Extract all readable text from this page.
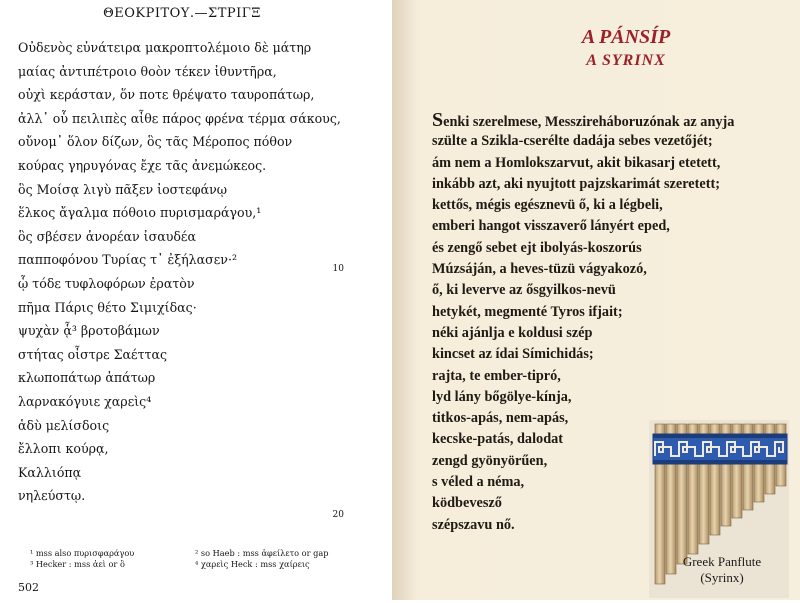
ΘΕΟΚΡΙΤΟΥ.—ΣΤΡΙΓΞ
Οὐδενὸς εὐνάτειρα μακροπτολέμοιο δὲ μάτηρ
μαίας ἀντιπέτροιο θοὸν τέκεν ἰθυντῆρα,
οὐχὶ κεράσταν, ὅν ποτε θρέψατο ταυροπάτωρ,
ἀλλ᾽ οὗ πειλιπὲς αἶθε πάρος φρένα τέρμα σάκους,
οὔνομ᾽ ὅλον δίζων, ὃς τᾶς Μέροπος πόθον
κούρας γηρυγόνας ἔχε τᾶς ἀνεμώκεος.
ὃς Μοίσᾳ λιγὺ πᾶξεν ἰοστεφάνῳ
ἕλκος ἄγαλμα πόθοιο πυρισμαράγου,¹
ὃς σβέσεν ἀνορέαν ἰσαυδέα
παπποφόνου Τυρίας τ᾽ ἐξήλασεν·²
ᾧ τόδε τυφλοφόρων ἐρατὸν
πῆμα Πάρις θέτο Σιμιχίδας·
ψυχὰν ᾇ³ βροτοβάμων
στήτας οἶστρε Σαέττας
κλωποπάτωρ ἀπάτωρ
λαρνακόγυιε χαρεὶς⁴
ἁδὺ μελίσδοις
ἔλλοπι κούρᾳ,
Καλλιόπᾳ
νηλεύστῳ.
10
20
¹ mss also πυρισφαράγου	² so Haeb : mss ἀφείλετο or gap
³ Hecker : mss ἀεὶ or ὃ	⁴ χαρεὶς Heck : mss χαίρεις
502
A PÁNSÍP
A SYRINX
Senki szerelmese, Messzireháboruzónak az anyja
szülte a Szikla-cserélte dadája sebes vezetőjét;
ám nem a Homlokszarvut, akit bikasarj etetett,
inkább azt, aki nyujtott pajzskarimát szeretett;
kettős, mégis egésznevü ő, ki a légbeli,
emberi hangot visszaverő lányért eped,
és zengő sebet ejt ibolyás-koszorús
Múzsáján, a heves-tüzü vágyakozó,
ő, ki leverve az ősgyilkos-nevü
hetykét, megmenté Tyros ifjait;
néki ajánlja e koldusi szép
kincset az ídai Símichidás;
rajta, te ember-tipró,
lyd lány bőgölye-kínja,
titkos-apás, nem-apás,
kecske-patás, dalodat
zengd gyönyörűen,
s véled a néma,
ködbevesző
szépszavu nő.
Greek Panflute
(Syrinx)
